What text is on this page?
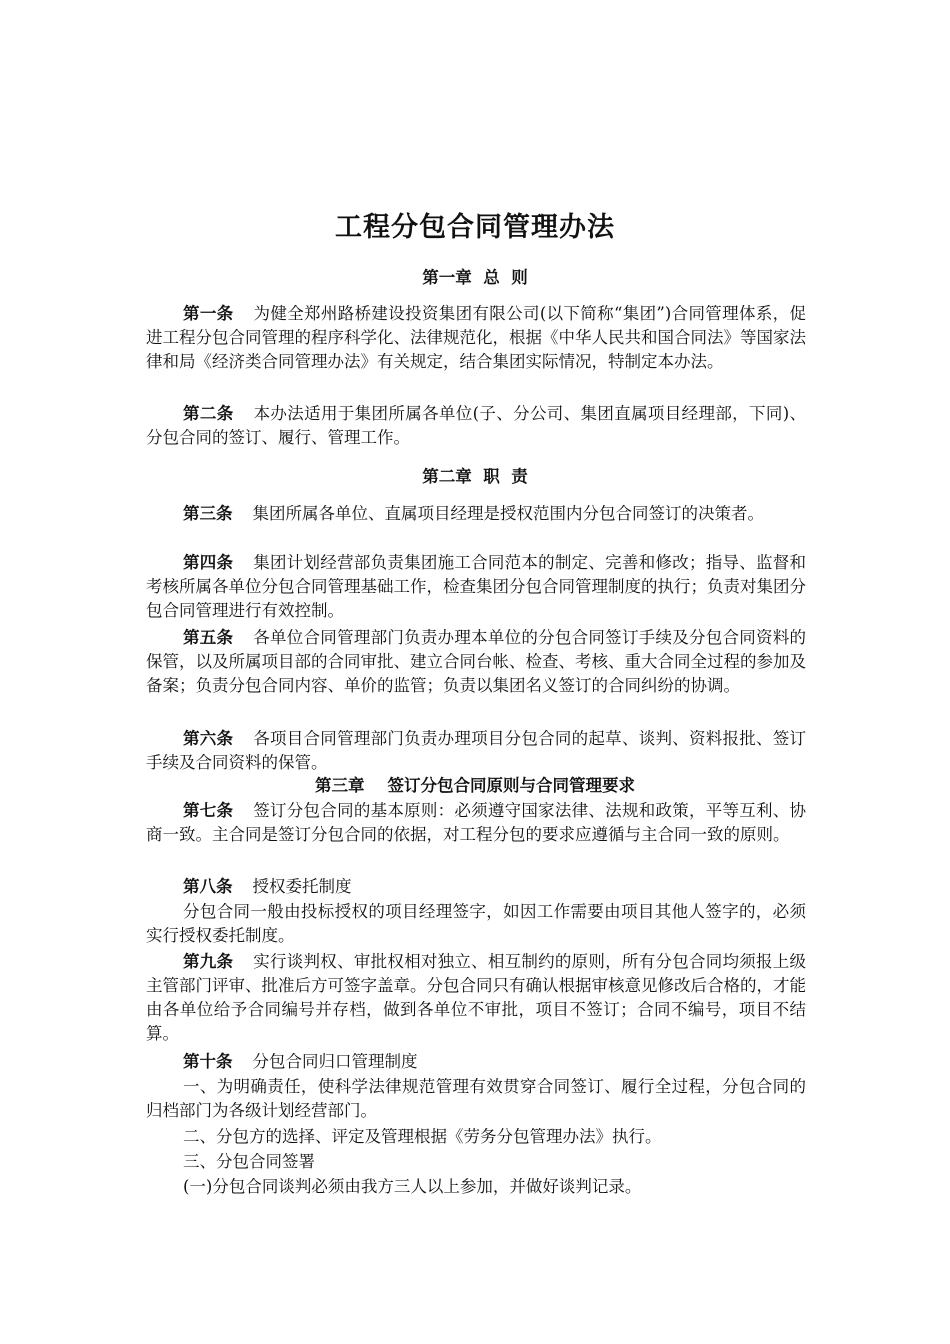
工程分包合同管理办法
第一章  总  则
第一条 为健全郑州路桥建设投资集团有限公司(以下简称“集团”)合同管理体系，促进工程分包合同管理的程序科学化、法律规范化，根据《中华人民共和国合同法》等国家法律和局《经济类合同管理办法》有关规定，结合集团实际情况，特制定本办法。
第二条 本办法适用于集团所属各单位(子、分公司、集团直属项目经理部，下同)、分包合同的签订、履行、管理工作。
第二章  职  责
第三条 集团所属各单位、直属项目经理是授权范围内分包合同签订的决策者。
第四条 集团计划经营部负责集团施工合同范本的制定、完善和修改；指导、监督和考核所属各单位分包合同管理基础工作，检查集团分包合同管理制度的执行；负责对集团分包合同管理进行有效控制。
第五条 各单位合同管理部门负责办理本单位的分包合同签订手续及分包合同资料的保管，以及所属项目部的合同审批、建立合同台帐、检查、考核、重大合同全过程的参加及备案；负责分包合同内容、单价的监管；负责以集团名义签订的合同纠纷的协调。
第六条 各项目合同管理部门负责办理项目分包合同的起草、谈判、资料报批、签订手续及合同资料的保管。
第三章    签订分包合同原则与合同管理要求
第七条 签订分包合同的基本原则：必须遵守国家法律、法规和政策，平等互利、协商一致。主合同是签订分包合同的依据，对工程分包的要求应遵循与主合同一致的原则。
第八条 授权委托制度
分包合同一般由投标授权的项目经理签字，如因工作需要由项目其他人签字的，必须实行授权委托制度。
第九条 实行谈判权、审批权相对独立、相互制约的原则，所有分包合同均须报上级主管部门评审、批准后方可签字盖章。分包合同只有确认根据审核意见修改后合格的，才能由各单位给予合同编号并存档，做到各单位不审批，项目不签订；合同不编号，项目不结算。
第十条 分包合同归口管理制度
一、为明确责任，使科学法律规范管理有效贯穿合同签订、履行全过程，分包合同的归档部门为各级计划经营部门。
二、分包方的选择、评定及管理根据《劳务分包管理办法》执行。
三、分包合同签署
(一)分包合同谈判必须由我方三人以上参加，并做好谈判记录。
